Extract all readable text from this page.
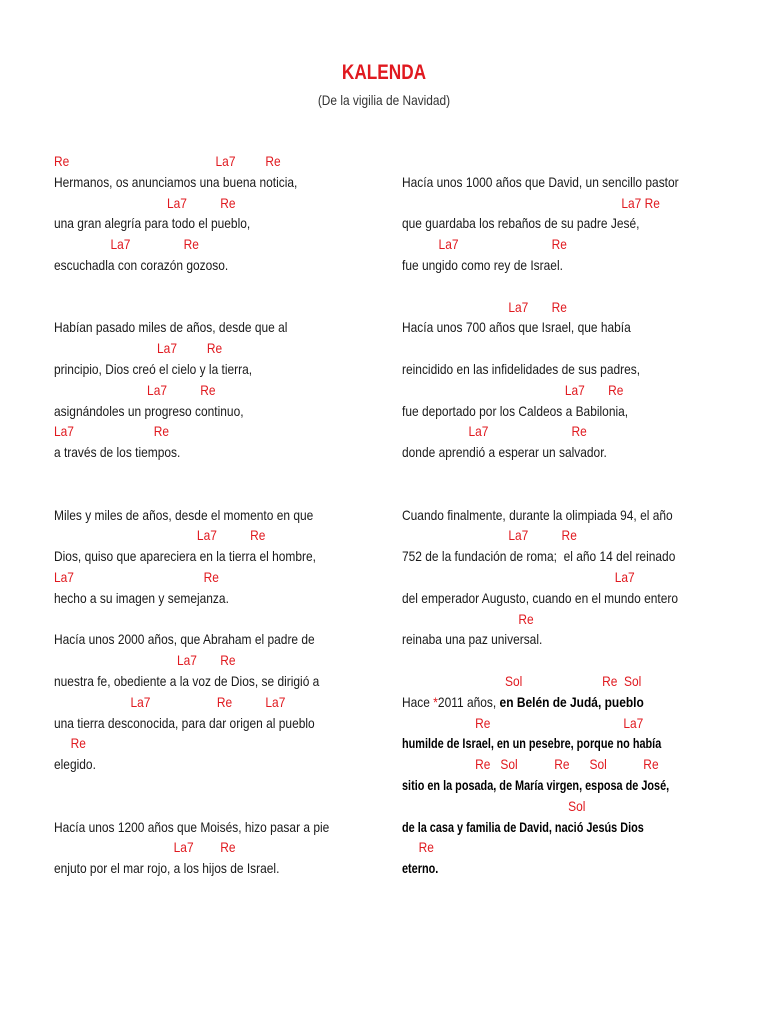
KALENDA
(De la vigilia de Navidad)
Re                                            La7         Re
Hermanos, os anunciamos una buena noticia,
La7          Re
una gran alegría para todo el pueblo,
La7                Re
escuchadla con corazón gozoso.
Habían pasado miles de años, desde que al
La7         Re
principio, Dios creó el cielo y la tierra,
La7          Re
asignándoles un progreso continuo,
La7                        Re
a través de los tiempos.
Miles y miles de años, desde el momento en que
La7          Re
Dios, quiso que apareciera en la tierra el hombre,
La7                                       Re
hecho a su imagen y semejanza.
Hacía unos 2000 años, que Abraham el padre de
La7       Re
nuestra fe, obediente a la voz de Dios, se dirigió a
La7                    Re          La7
una tierra desconocida, para dar origen al pueblo
Re
elegido.
Hacía unos 1200 años que Moisés, hizo pasar a pie
La7        Re
enjuto por el mar rojo, a los hijos de Israel.
Hacía unos 1000 años que David, un sencillo pastor
La7 Re
que guardaba los rebaños de su padre Jesé,
La7                            Re
fue ungido como rey de Israel.
La7       Re
Hacía unos 700 años que Israel, que había
reincidido en las infidelidades de sus padres,
La7       Re
fue deportado por los Caldeos a Babilonia,
La7                         Re
donde aprendió a esperar un salvador.
Cuando finalmente, durante la olimpiada 94, el año
La7          Re
752 de la fundación de roma;  el año 14 del reinado
La7
del emperador Augusto, cuando en el mundo entero
Re
reinaba una paz universal.
Sol                        Re  Sol
Hace *2011 años, en Belén de Judá, pueblo
Re                                        La7
humilde de Israel, en un pesebre, porque no había
Re   Sol           Re      Sol           Re
sitio en la posada, de María virgen, esposa de José,
Sol
de la casa y familia de David, nació Jesús Dios
Re
eterno.
